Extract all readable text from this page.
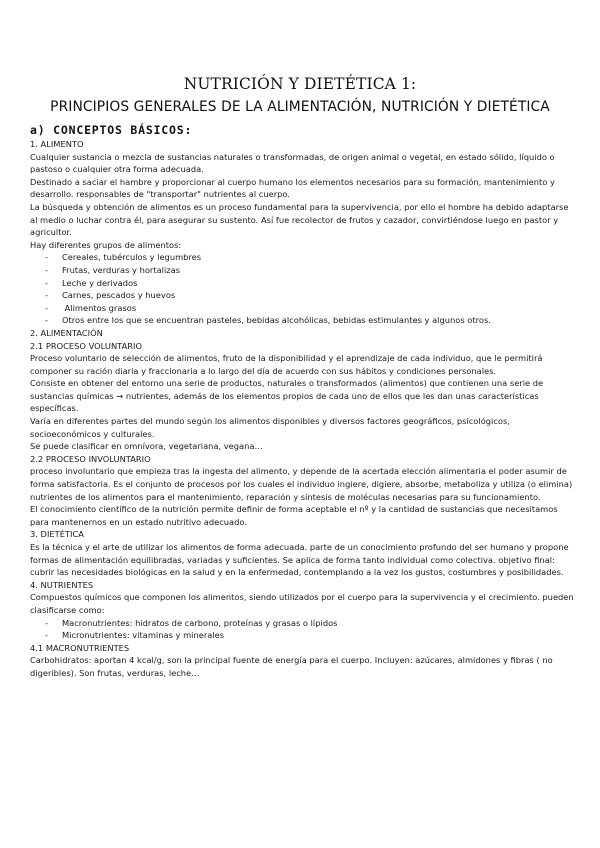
NUTRICIÓN Y DIETÉTICA 1:
PRINCIPIOS GENERALES DE LA ALIMENTACIÓN, NUTRICIÓN Y DIETÉTICA
a) CONCEPTOS BÁSICOS:

1. ALIMENTO

Cualquier sustancia o mezcla de sustancias naturales o transformadas, de origen animal o vegetal, en estado sólido, líquido o pastoso o cualquier otra forma adecuada.

Destinado a saciar el hambre y proporcionar al cuerpo humano los elementos necesarios para su formación, mantenimiento y desarrollo. responsables de "transportar" nutrientes al cuerpo.

La búsqueda y obtención de alimentos es un proceso fundamental para la supervivencia, por ello el hombre ha debido adaptarse al medio o luchar contra él, para asegurar su sustento. Así fue recolector de frutos y cazador, convirtiéndose luego en pastor y agricultor.

Hay diferentes grupos de alimentos:

- Cereales, tubérculos y legumbres
- Frutas, verduras y hortalizas
- Leche y derivados
- Carnes, pescados y huevos
- Alimentos grasos
- Otros entre los que se encuentran pasteles, bebidas alcohólicas, bebidas estimulantes y algunos otros.

2. ALIMENTACIÓN

2.1 PROCESO VOLUNTARIO

Proceso voluntario de selección de alimentos, fruto de la disponibilidad y el aprendizaje de cada individuo, que le permitirá componer su ración diaria y fraccionaria a lo largo del día de acuerdo con sus hábitos y condiciones personales.

Consiste en obtener del entorno una serie de productos, naturales o transformados (alimentos) que contienen una serie de sustancias químicas → nutrientes, además de los elementos propios de cada uno de ellos que les dan unas características específicas.

Varía en diferentes partes del mundo según los alimentos disponibles y diversos factores geográficos, psicológicos, socioeconómicos y culturales.

Se puede clasificar en omnívora, vegetariana, vegana…

2.2 PROCESO INVOLUNTARIO

proceso involuntario que empieza tras la ingesta del alimento, y depende de la acertada elección alimentaria el poder asumir de forma satisfactoria. Es el conjunto de procesos por los cuales el individuo ingiere, digiere, absorbe, metaboliza y utiliza (o elimina) nutrientes de los alimentos para el mantenimiento, reparación y síntesis de moléculas necesarias para su funcionamiento.

El conocimiento científico de la nutrición permite definir de forma aceptable el nº y la cantidad de sustancias que necesitamos para mantenernos en un estado nutritivo adecuado.

3. DIETÉTICA

Es la técnica y el arte de utilizar los alimentos de forma adecuada. parte de un conocimiento profundo del ser humano y propone formas de alimentación equilibradas, variadas y suficientes. Se aplica de forma tanto individual como colectiva. objetivo final: cubrir las necesidades biológicas en la salud y en la enfermedad, contemplando a la vez los gustos, costumbres y posibilidades.

4. NUTRIENTES

Compuestos químicos que componen los alimentos, siendo utilizados por el cuerpo para la supervivencia y el crecimiento. pueden clasificarse como:

- Macronutrientes: hidratos de carbono, proteínas y grasas o lípidos
- Micronutrientes: vitaminas y minerales

4.1 MACRONUTRIENTES

Carbohidratos: aportan 4 kcal/g, son la principal fuente de energía para el cuerpo. Incluyen: azúcares, almidones y fibras ( no digeribles). Son frutas, verduras, leche…
